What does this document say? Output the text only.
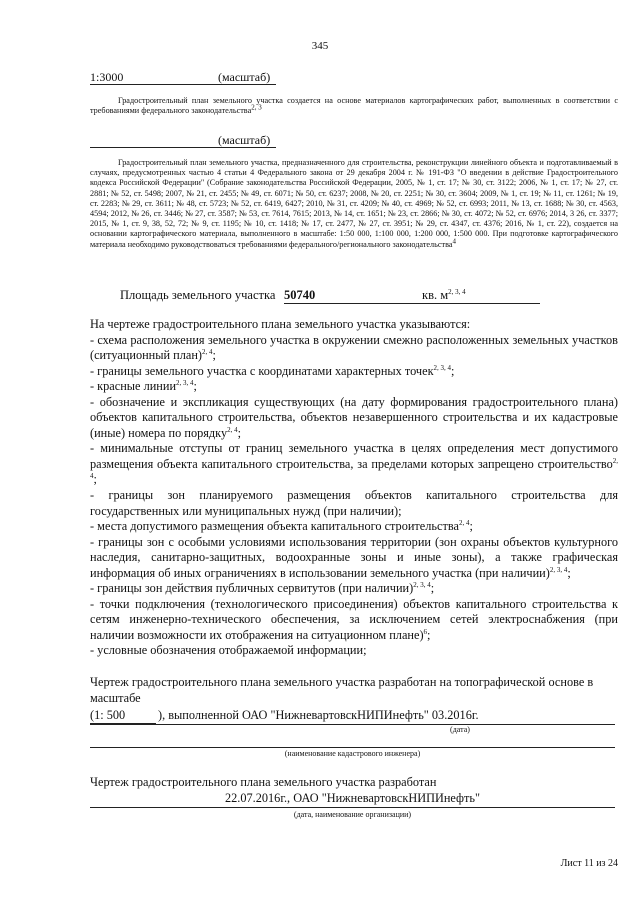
345
1:3000	(масштаб)
Градостроительный план земельного участка создается на основе материалов картографических работ, выполненных в соответствии с требованиями федерального законодательства$^{2, 3}$
(масштаб)
Градостроительный план земельного участка, предназначенного для строительства, реконструкции линейного объекта и подготавливаемый в случаях, предусмотренных частью 4 статьи 4 Федерального закона от 29 декабря 2004 г. № 191-ФЗ "О введении в действие Градостроительного кодекса Российской Федерации" (Собрание законодательства Российской Федерации, 2005, № 1, ст. 17; № 30, ст. 3122; 2006, № 1, ст. 17; № 27, ст. 2881; № 52, ст. 5498; 2007, № 21, ст. 2455; № 49, ст. 6071; № 50, ст. 6237; 2008, № 20, ст. 2251; № 30, ст. 3604; 2009, № 1, ст. 19; № 11, ст. 1261; № 19, ст. 2283; № 29, ст. 3611; № 48, ст. 5723; № 52, ст. 6419, 6427; 2010, № 31, ст. 4209; № 40, ст. 4969; № 52, ст. 6993; 2011, № 13, ст. 1688; № 30, ст. 4563, 4594; 2012, № 26, ст. 3446; № 27, ст. 3587; № 53, ст. 7614, 7615; 2013, № 14, ст. 1651; № 23, ст. 2866; № 30, ст. 4072; № 52, ст. 6976; 2014, 3 26, ст. 3377; 2015, № 1, ст. 9, 38, 52, 72; № 9, ст. 1195; № 10, ст. 1418; № 17, ст. 2477, № 27, ст. 3951; № 29, ст. 4347, ст. 4376; 2016, № 1, ст. 22), создается на основании картографического материала, выполненного в масштабе: 1:50 000, 1:100 000, 1:200 000, 1:500 000. При подготовке картографического материала необходимо руководствоваться требованиями федерального/регионального законодательства$^4$
Площадь земельного участка 50740	кв. $м^{2, 3, 4}$

На чертеже градостроительного плана земельного участка указываются:

- схема расположения земельного участка в окружении смежно расположенных земельных участков (ситуационный план)$^{2, 4}$;

- границы земельного участка с координатами характерных точек$^{2, 3, 4}$;

- красные линии$^{2, 3, 4}$;

- обозначение и экспликация существующих (на дату формирования градостроительного плана) объектов капитального строительства, объектов незавершенного строительства и их кадастровые (иные) номера по порядку$^{2, 4}$;

- минимальные отступы от границ земельного участка в целях определения мест допустимого размещения объекта капитального строительства, за пределами которых запрещено строительство$^{2, 4}$;

- границы зон планируемого размещения объектов капитального строительства для государственных или муниципальных нужд (при наличии);

- места допустимого размещения объекта капитального строительства$^{2, 4}$;

- границы зон с особыми условиями использования территории (зон охраны объектов культурного наследия, санитарно-защитных, водоохранные зоны и иные зоны), а также графическая информация об иных ограничениях в использовании земельного участка (при наличии)$^{2, 3, 4}$;

- границы зон действия публичных сервитутов (при наличии)$^{2, 3, 4}$;

- точки подключения (технологического присоединения) объектов капитального строительства к сетям инженерно-технического обеспечения, за исключением сетей электроснабжения (при наличии возможности их отображения на ситуационном плане)$^6$;

- условные обозначения отображаемой информации;

Чертеж градостроительного плана земельного участка разработан на топографической основе в масштабе

(1: 500	), выполненной ОАО "НижневартовскНИПИнефть" 03.2016г.
(дата)
(наименование кадастрового инженера)
Чертеж градостроительного плана земельного участка разработан
22.07.2016г., ОАО "НижневартовскНИПИнефть"
(дата, наименование организации)
Лист 11 из 24
